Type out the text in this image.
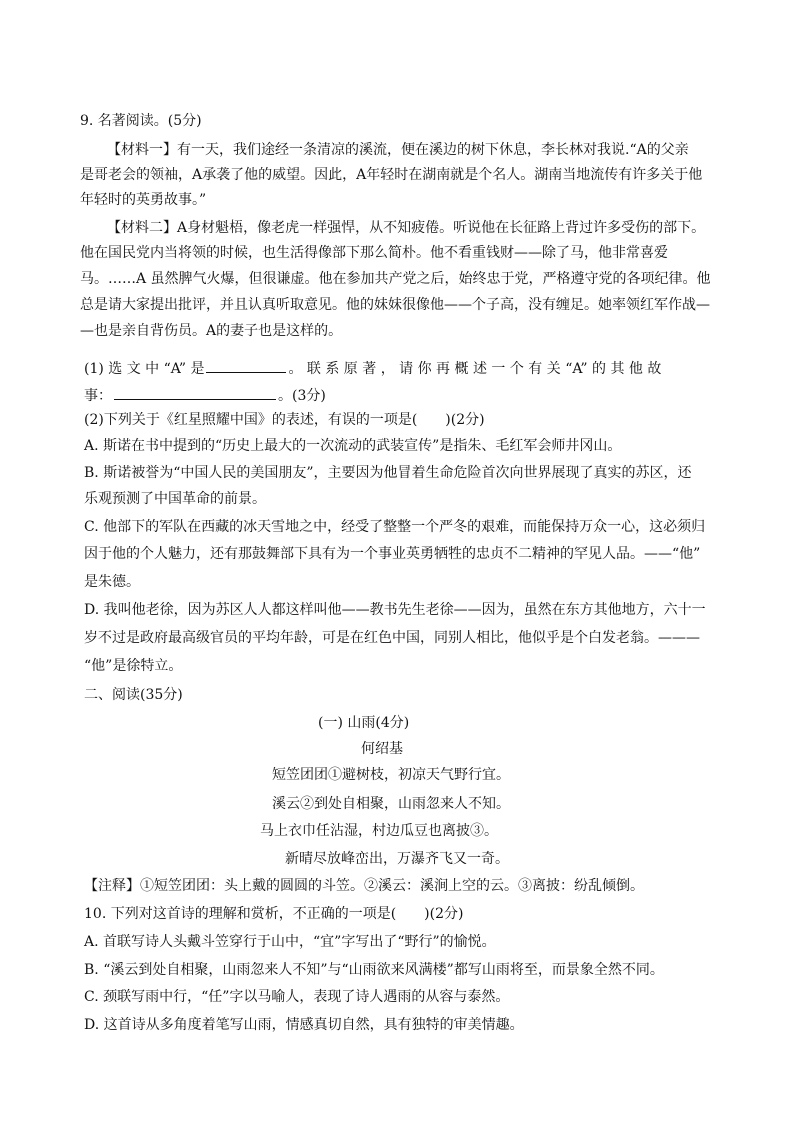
9. 名著阅读。(5分)
【材料一】有一天，我们途经一条清凉的溪流，便在溪边的树下休息，李长林对我说.“A的父亲
是哥老会的领袖，A承袭了他的威望。因此，A年轻时在湖南就是个名人。湖南当地流传有许多关于他
年轻时的英勇故事。”
【材料二】A身材魁梧，像老虎一样强悍，从不知疲倦。听说他在长征路上背过许多受伤的部下。
他在国民党内当将领的时候，也生活得像部下那么简朴。他不看重钱财——除了马，他非常喜爱
马。……A 虽然脾气火爆，但很谦虚。他在参加共产党之后，始终忠于党，严格遵守党的各项纪律。他
总是请大家提出批评，并且认真听取意见。他的妹妹很像他——个子高，没有缠足。她率领红军作战—
—也是亲自背伤员。A的妻子也是这样的。
(1) 选 文 中 “A” 是	。 联 系 原 著 ， 请 你 再 概 述 一 个 有 关 “A” 的 其 他 故
事：	。(3分)
(2)下列关于《红星照耀中国》的表述，有误的一项是(　　)(2分)
A. 斯诺在书中提到的“历史上最大的一次流动的武装宣传”是指朱、毛红军会师井冈山。
B. 斯诺被誉为“中国人民的美国朋友”，主要因为他冒着生命危险首次向世界展现了真实的苏区，还
乐观预测了中国革命的前景。
C. 他部下的军队在西藏的冰天雪地之中，经受了整整一个严冬的艰难，而能保持万众一心，这必须归
因于他的个人魅力，还有那鼓舞部下具有为一个事业英勇牺牲的忠贞不二精神的罕见人品。——“他”
是朱德。
D. 我叫他老徐，因为苏区人人都这样叫他——教书先生老徐——因为，虽然在东方其他地方，六十一
岁不过是政府最高级官员的平均年龄，可是在红色中国，同别人相比，他似乎是个白发老翁。———
“他”是徐特立。
二、阅读(35分)
(一) 山雨(4分)
何绍基
短笠团团①避树枝，初凉天气野行宜。
溪云②到处自相聚，山雨忽来人不知。
马上衣巾任沾湿，村边瓜豆也离披③。
新晴尽放峰峦出，万瀑齐飞又一奇。
【注释】①短笠团团：头上戴的圆圆的斗笠。②溪云：溪涧上空的云。③离披：纷乱倾倒。
10. 下列对这首诗的理解和赏析，不正确的一项是(　　)(2分)
A. 首联写诗人头戴斗笠穿行于山中，“宜”字写出了“野行”的愉悦。
B. “溪云到处自相聚，山雨忽来人不知”与“山雨欲来风满楼”都写山雨将至，而景象全然不同。
C. 颈联写雨中行，“任”字以马喻人，表现了诗人遇雨的从容与泰然。
D. 这首诗从多角度着笔写山雨，情感真切自然，具有独特的审美情趣。
